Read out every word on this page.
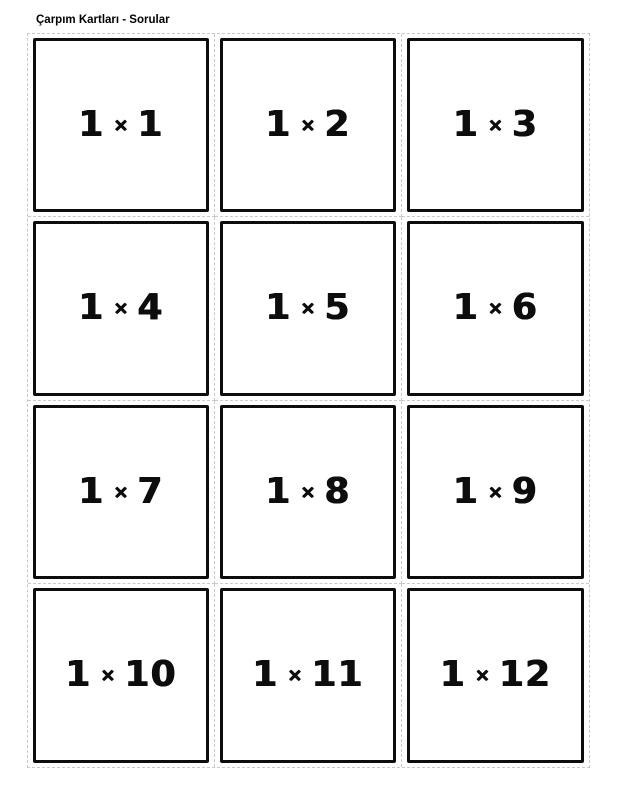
Çarpım Kartları - Sorular
1 × 1	1 × 2	1 × 3
1 × 4	1 × 5	1 × 6
1 × 7	1 × 8	1 × 9
1 × 10 1 × 11 1 × 12
